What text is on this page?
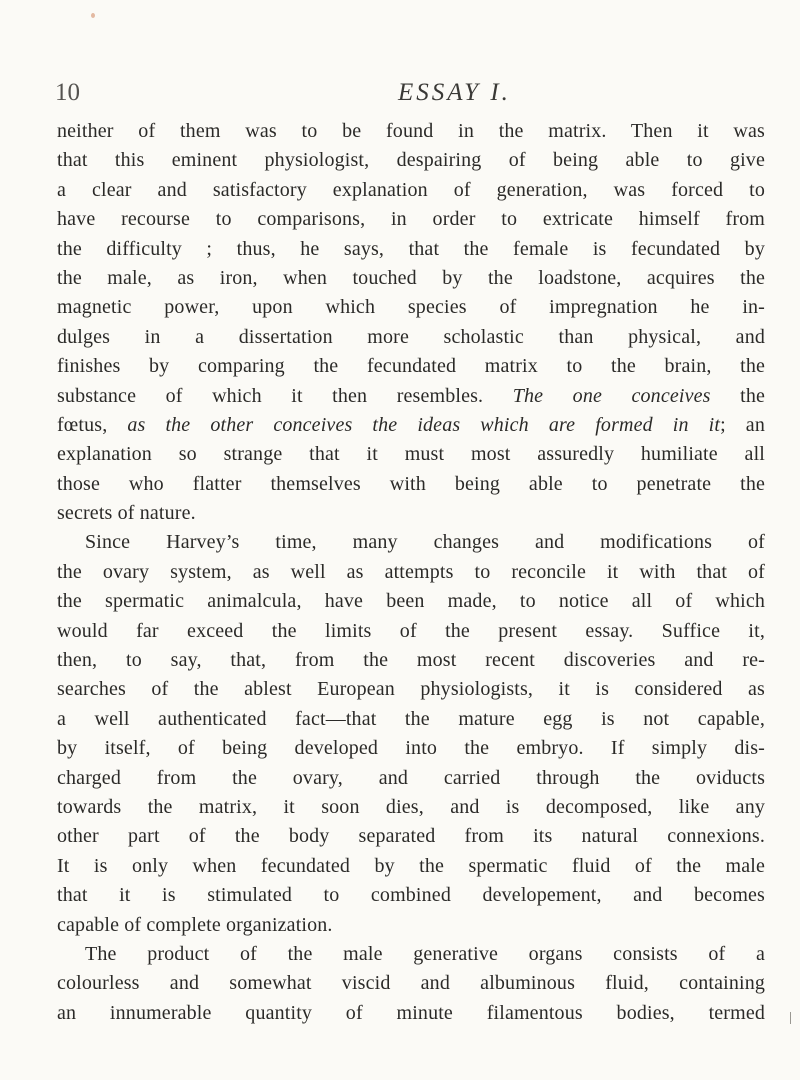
10	ESSAY I.
neither of them was to be found in the matrix. Then it was
that this eminent physiologist, despairing of being able to give
a clear and satisfactory explanation of generation, was forced to
have recourse to comparisons, in order to extricate himself from
the difficulty ; thus, he says, that the female is fecundated by
the male, as iron, when touched by the loadstone, acquires the
magnetic power, upon which species of impregnation he in-
dulges in a dissertation more scholastic than physical, and
finishes by comparing the fecundated matrix to the brain, the
substance of which it then resembles. The one conceives the
fœtus, as the other conceives the ideas which are formed in it; an
explanation so strange that it must most assuredly humiliate all
those who flatter themselves with being able to penetrate the
secrets of nature.
Since Harvey’s time, many changes and modifications of
the ovary system, as well as attempts to reconcile it with that of
the spermatic animalcula, have been made, to notice all of which
would far exceed the limits of the present essay. Suffice it,
then, to say, that, from the most recent discoveries and re-
searches of the ablest European physiologists, it is considered as
a well authenticated fact—that the mature egg is not capable,
by itself, of being developed into the embryo. If simply dis-
charged from the ovary, and carried through the oviducts
towards the matrix, it soon dies, and is decomposed, like any
other part of the body separated from its natural connexions.
It is only when fecundated by the spermatic fluid of the male
that it is stimulated to combined developement, and becomes
capable of complete organization.
The product of the male generative organs consists of a
colourless and somewhat viscid and albuminous fluid, containing
an innumerable quantity of minute filamentous bodies, termed
